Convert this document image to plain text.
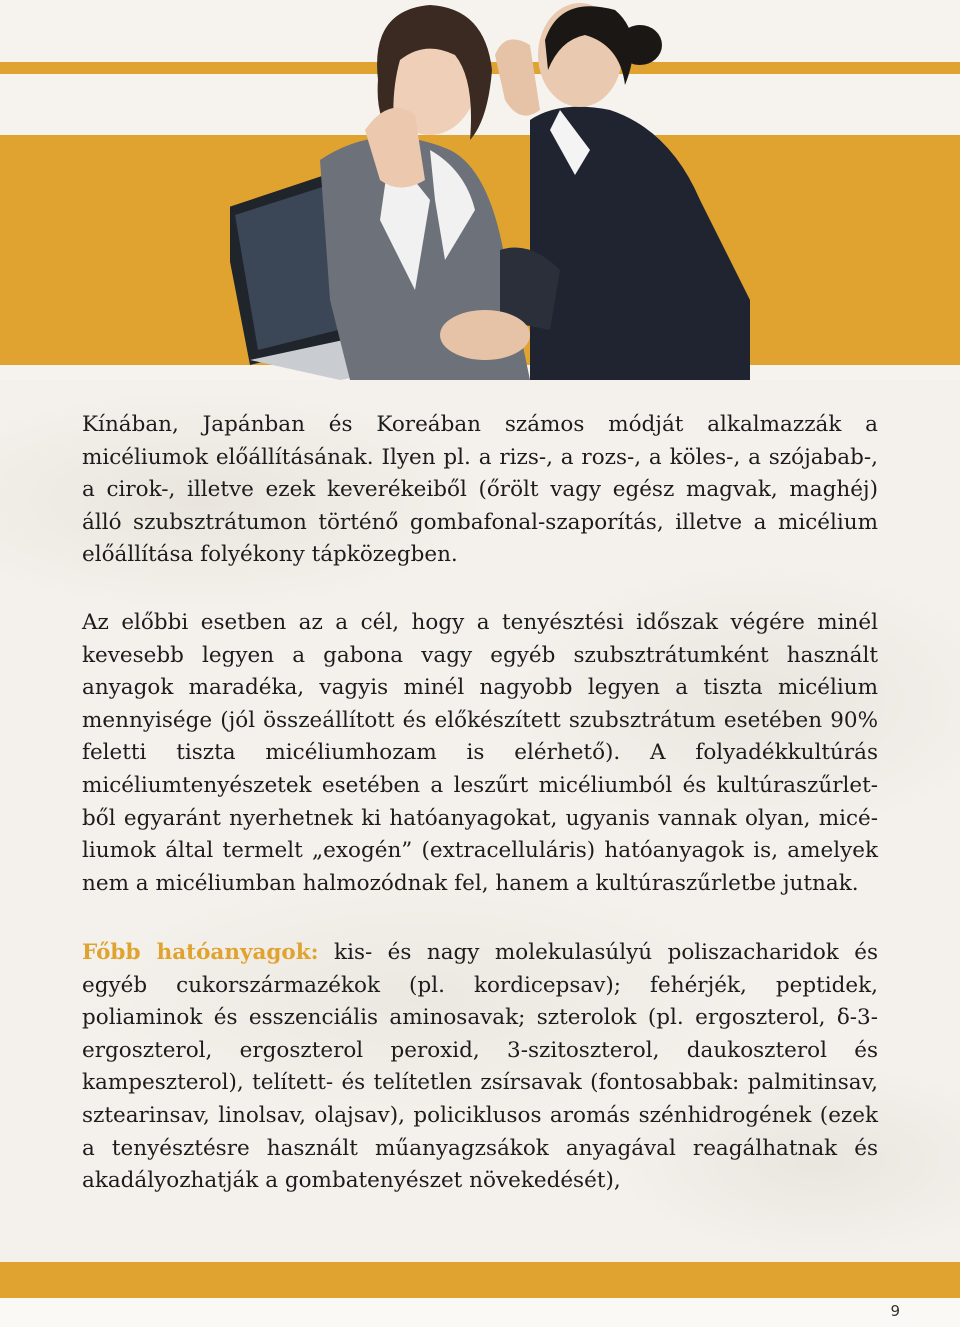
Kínában, Japánban és Koreában számos módját alkalmazzák a micéliumok előállításának. Ilyen pl. a rizs-, a rozs-, a köles-, a szójabab-, a cirok-, illetve ezek keverékeiből (őrölt vagy egész magvak, maghéj) álló szubsztrátumon történő gombafonal-szaporítás, illetve a micélium előállítása folyékony tápközegben.

Az előbbi esetben az a cél, hogy a tenyésztési időszak végére minél kevesebb legyen a gabona vagy egyéb szubsztrátumként használt anyagok maradéka, vagyis minél nagyobb legyen a tiszta micélium mennyisége (jól összeállított és előkészített szubsztrátum esetében 90% feletti tiszta micéliumhozam is elérhető). A folyadékkultúrás micéliumtenyészetek esetében a leszűrt micéliumból és kultúraszűrletből egyaránt nyerhetnek ki hatóanyagokat, ugyanis vannak olyan, micéliumok által termelt „exogén” (extracelluláris) hatóanyagok is, amelyek nem a micéliumban halmozódnak fel, hanem a kultúraszűrletbe jutnak.

Főbb hatóanyagok: kis- és nagy molekulasúlyú poliszacharidok és egyéb cukorszármazékok (pl. kordicepsav); fehérjék, peptidek, poliaminok és esszenciális aminosavak; szterolok (pl. ergoszterol, δ-3-ergoszterol, ergoszterol peroxid, 3-szitoszterol, daukoszterol és kampeszterol), telített- és telítetlen zsírsavak (fontosabbak: palmitinsav, sztearinsav, linolsav, olajsav), policiklusos aromás szénhidrogének (ezek a tenyésztésre használt műanyagzsákok anyagával reagálhatnak és akadályozhatják a gombatenyészet növekedését),

9
